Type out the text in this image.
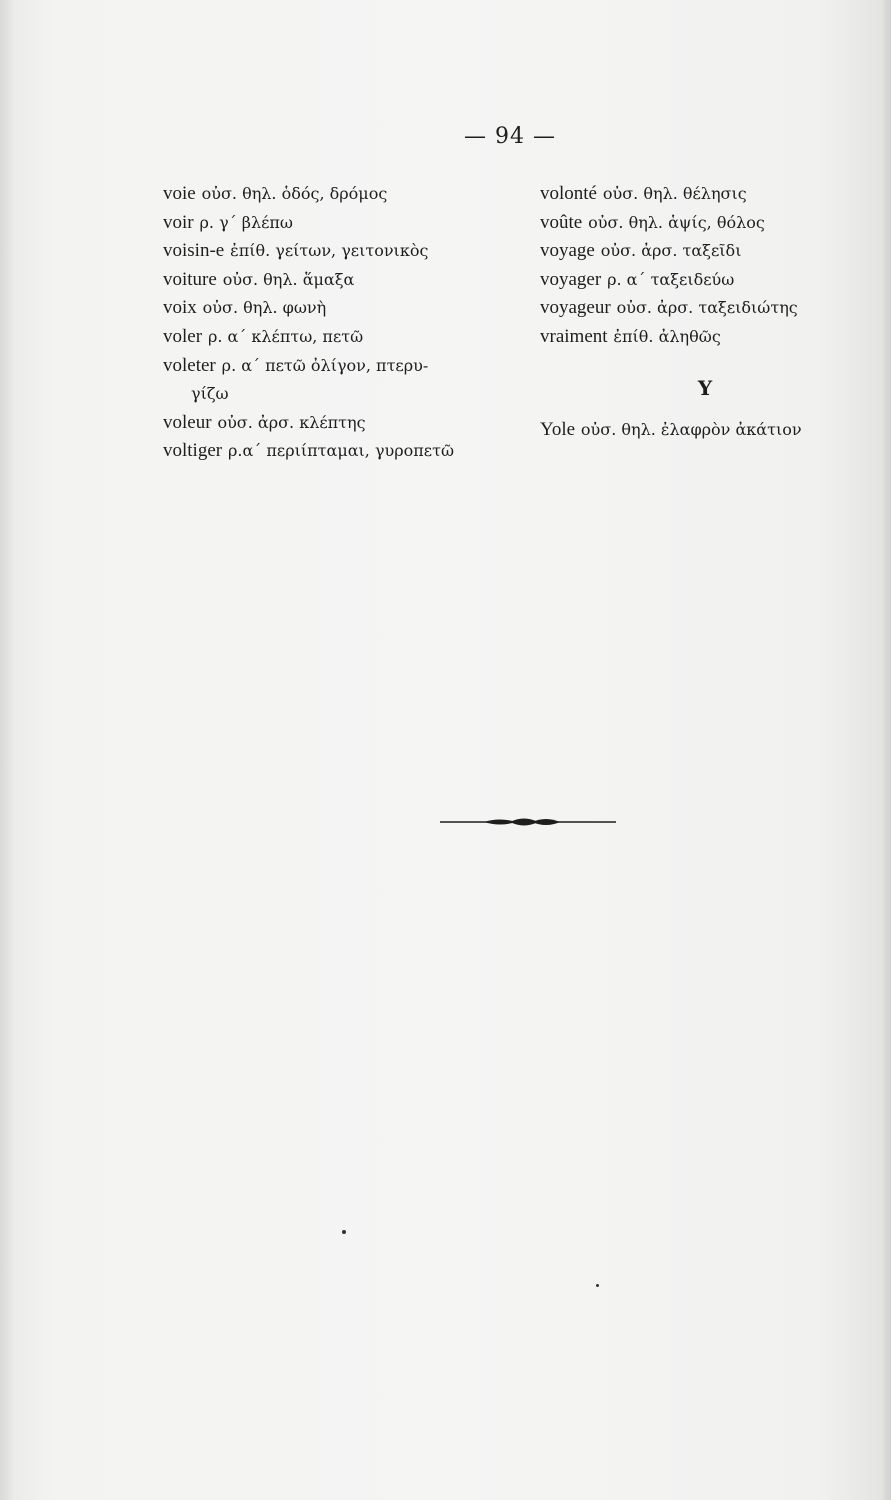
— 94 —

voie οὐσ. θηλ. ὁδός, δρόμος

voir ρ. γ΄ βλέπω

voisin-e ἐπίθ. γείτων, γειτονικὸς

voiture οὐσ. θηλ. ἅμαξα

voix οὐσ. θηλ. φωνὴ

voler ρ. α΄ κλέπτω, πετῶ

voleter ρ. α΄ πετῶ ὀλίγον, πτερυ-

γίζω

voleur οὐσ. ἀρσ. κλέπτης

voltiger ρ.α΄ περιίπταμαι, γυροπετῶ

volonté οὐσ. θηλ. θέλησις

voûte οὐσ. θηλ. ἁψίς, θόλος

voyage οὐσ. ἀρσ. ταξεῖδι

voyager ρ. α΄ ταξειδεύω

voyageur οὐσ. ἀρσ. ταξειδιώτης

vraiment ἐπίθ. ἀληθῶς

Y

Yole οὐσ. θηλ. ἐλαφρὸν ἀκάτιον
